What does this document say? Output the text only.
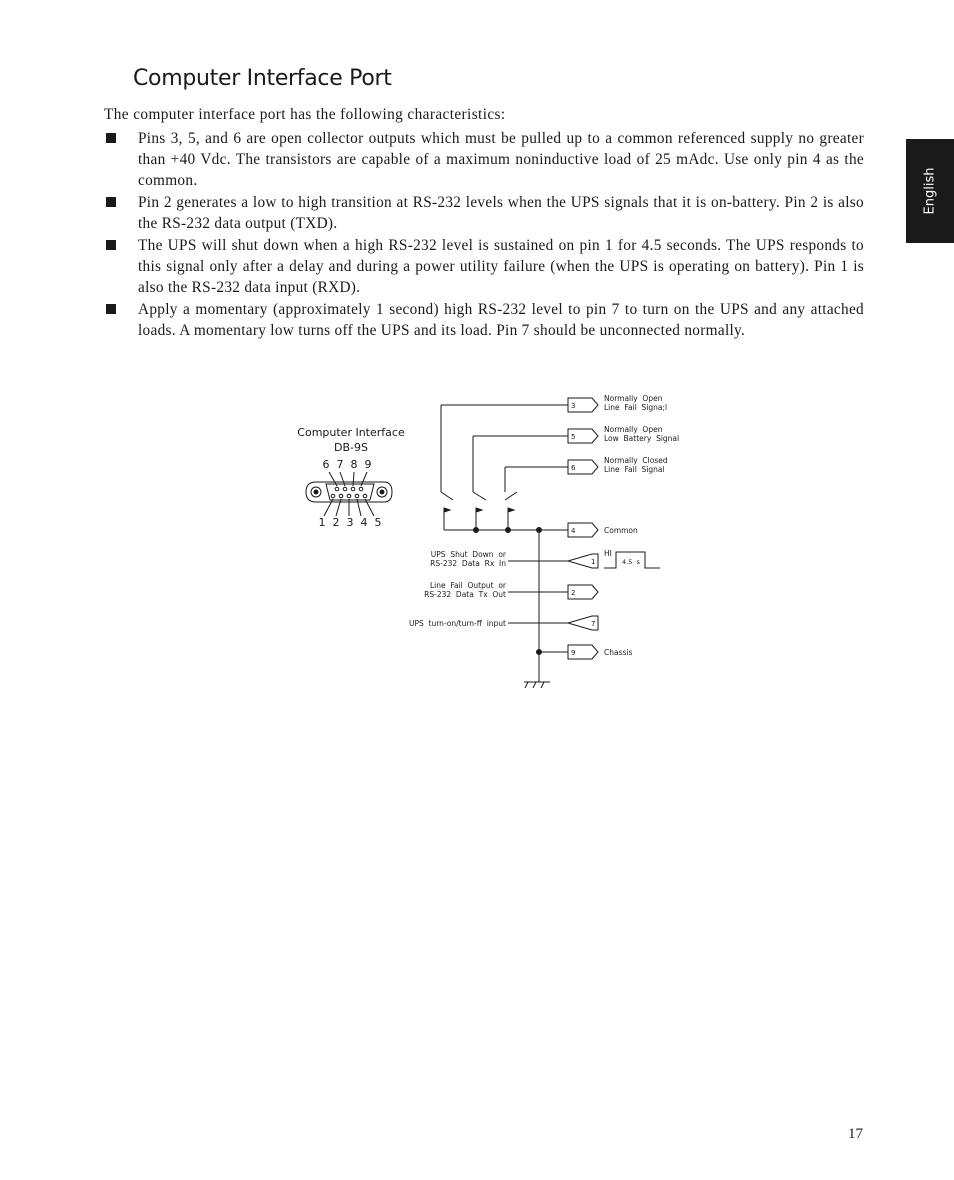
Computer Interface Port

The computer interface port has the following characteristics:

Pins 3, 5, and 6 are open collector outputs which must be pulled up to a common referenced supply no greater than +40 Vdc. The transistors are capable of a maximum noninductive load of 25 mAdc. Use only pin 4 as the common.
Pin 2 generates a low to high transition at RS-232 levels when the UPS signals that it is on-battery. Pin 2 is also the RS-232 data output (TXD).
The UPS will shut down when a high RS-232 level is sustained on pin 1 for 4.5 seconds. The UPS responds to this signal only after a delay and during a power utility failure (when the UPS is operating on battery). Pin 1 is also the RS-232 data input (RXD).
Apply a momentary (approximately 1 second) high RS-232 level to pin 7 to turn on the UPS and any attached loads. A momentary low turns off the UPS and its load. Pin 7 should be unconnected normally.
English
Computer Interface
DB-9S
6  7  8  9
1  2  3  4  5
3
5
6
4
1
2
7
9
Normally  Open
Line  Fail  Signa;l
Normally  Open
Low  Battery  Signal
Normally  Closed
Line  Fail  Signal
Common
Chassis
HI
4.5  s
UPS  Shut  Down  or
RS-232  Data  Rx  In
Line  Fail  Output  or
RS-232  Data  Tx  Out
UPS  turn-on/turn-ff  input
17
